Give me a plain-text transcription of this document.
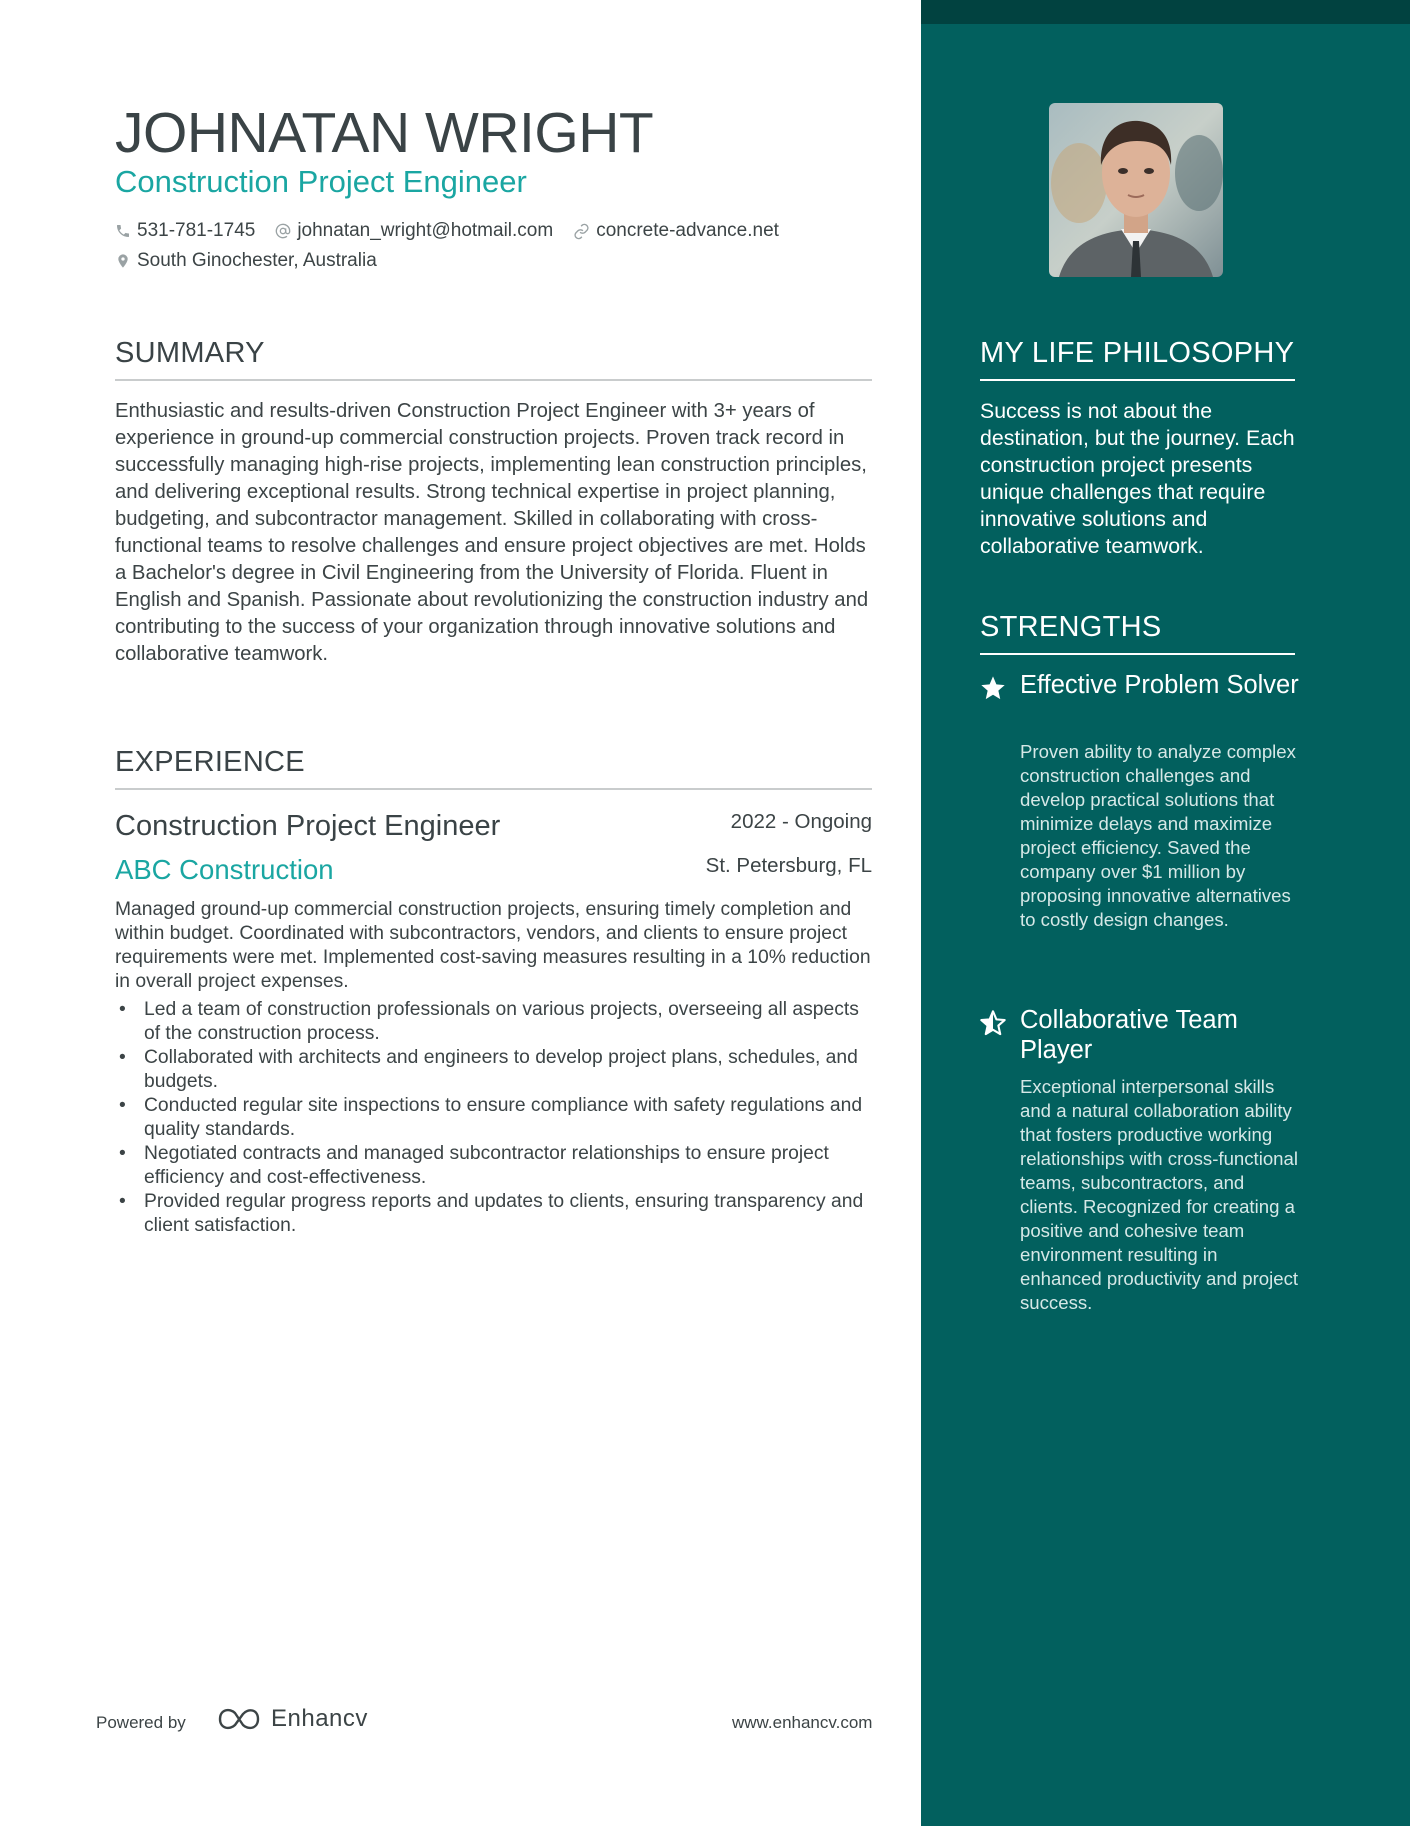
JOHNATAN WRIGHT
Construction Project Engineer
531-781-1745 johnatan_wright@hotmail.com concrete-advance.net
South Ginochester, Australia
SUMMARY
Enthusiastic and results-driven Construction Project Engineer with 3+ years of experience in ground-up commercial construction projects. Proven track record in successfully managing high-rise projects, implementing lean construction principles, and delivering exceptional results. Strong technical expertise in project planning, budgeting, and subcontractor management. Skilled in collaborating with cross-functional teams to resolve challenges and ensure project objectives are met. Holds a Bachelor's degree in Civil Engineering from the University of Florida. Fluent in English and Spanish. Passionate about revolutionizing the construction industry and contributing to the success of your organization through innovative solutions and collaborative teamwork.
EXPERIENCE
Construction Project Engineer	2022 - Ongoing
ABC Construction	St. Petersburg, FL
Managed ground-up commercial construction projects, ensuring timely completion and within budget. Coordinated with subcontractors, vendors, and clients to ensure project requirements were met. Implemented cost-saving measures resulting in a 10% reduction in overall project expenses.
• Led a team of construction professionals on various projects, overseeing all aspects of the construction process.
• Collaborated with architects and engineers to develop project plans, schedules, and budgets.
• Conducted regular site inspections to ensure compliance with safety regulations and quality standards.
• Negotiated contracts and managed subcontractor relationships to ensure project efficiency and cost-effectiveness.
• Provided regular progress reports and updates to clients, ensuring transparency and client satisfaction.
Powered by	Enhancv	www.enhancv.com
MY LIFE PHILOSOPHY
Success is not about the destination, but the journey. Each construction project presents unique challenges that require innovative solutions and collaborative teamwork.
STRENGTHS
Effective Problem Solver
Proven ability to analyze complex construction challenges and develop practical solutions that minimize delays and maximize project efficiency. Saved the company over $1 million by proposing innovative alternatives to costly design changes.
Collaborative Team Player
Exceptional interpersonal skills and a natural collaboration ability that fosters productive working relationships with cross-functional teams, subcontractors, and clients. Recognized for creating a positive and cohesive team environment resulting in enhanced productivity and project success.
